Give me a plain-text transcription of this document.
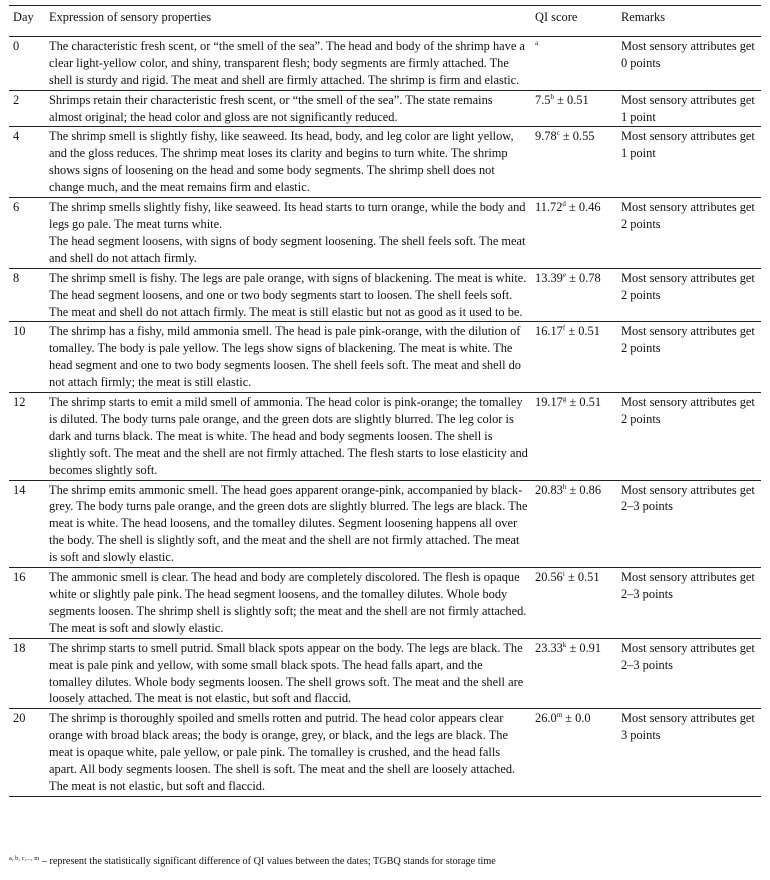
Day	Expression of sensory properties	QI score	Remarks
0	The characteristic fresh scent, or “the smell of the sea”. The head and body of the shrimp have a clear light-yellow color, and shiny, transparent flesh; body segments are firmly attached. The shell is sturdy and rigid. The meat and shell are firmly attached. The shrimp is firm and elastic.	$^a$	Most sensory attributes get 0 points
2	Shrimps retain their characteristic fresh scent, or “the smell of the sea”. The state remains almost original; the head color and gloss are not significantly reduced.	7.5$^b$ ± 0.51	Most sensory attributes get 1 point
4	The shrimp smell is slightly fishy, like seaweed. Its head, body, and leg color are light yellow, and the gloss reduces. The shrimp meat loses its clarity and begins to turn white. The shrimp shows signs of loosening on the head and some body segments. The shrimp shell does not change much, and the meat remains firm and elastic.	9.78$^c$ ± 0.55	Most sensory attributes get 1 point
6	The shrimp smells slightly fishy, like seaweed. Its head starts to turn orange, while the body and legs go pale. The meat turns white.
The head segment loosens, with signs of body segment loosening. The shell feels soft. The meat and shell do not attach firmly.	11.72$^d$ ± 0.46	Most sensory attributes get 2 points
8	The shrimp smell is fishy. The legs are pale orange, with signs of blackening. The meat is white. The head segment loosens, and one or two body segments start to loosen. The shell feels soft. The meat and shell do not attach firmly. The meat is still elastic but not as good as it used to be.	13.39$^e$ ± 0.78	Most sensory attributes get 2 points
10	The shrimp has a fishy, mild ammonia smell. The head is pale pink-orange, with the dilution of tomalley. The body is pale yellow. The legs show signs of blackening. The meat is white. The head segment and one to two body segments loosen. The shell feels soft. The meat and shell do not attach firmly; the meat is still elastic.	16.17$^f$ ± 0.51	Most sensory attributes get 2 points
12	The shrimp starts to emit a mild smell of ammonia. The head color is pink-orange; the tomalley is diluted. The body turns pale orange, and the green dots are slightly blurred. The leg color is dark and turns black. The meat is white. The head and body segments loosen. The shell is slightly soft. The meat and the shell are not firmly attached. The flesh starts to lose elasticity and becomes slightly soft.	19.17$^g$ ± 0.51	Most sensory attributes get 2 points
14	The shrimp emits ammonic smell. The head goes apparent orange-pink, accompanied by black-grey. The body turns pale orange, and the green dots are slightly blurred. The legs are black. The meat is white. The head loosens, and the tomalley dilutes. Segment loosening happens all over the body. The shell is slightly soft, and the meat and the shell are not firmly attached. The meat is soft and slowly elastic.	20.83$^h$ ± 0.86	Most sensory attributes get 2–3 points
16	The ammonic smell is clear. The head and body are completely discolored. The flesh is opaque white or slightly pale pink. The head segment loosens, and the tomalley dilutes. Whole body segments loosen. The shrimp shell is slightly soft; the meat and the shell are not firmly attached. The meat is soft and slowly elastic.	$20.56^i \pm 0.51$	Most sensory attributes get 2–3 points
18	The shrimp starts to smell putrid. Small black spots appear on the body. The legs are black. The meat is pale pink and yellow, with some small black spots. The head falls apart, and the tomalley dilutes. Whole body segments loosen. The shell grows soft. The meat and the shell are loosely attached. The meat is not elastic, but soft and flaccid.	$23.33^k \pm 0.91$	Most sensory attributes get 2–3 points
20	The shrimp is thoroughly spoiled and smells rotten and putrid. The head color appears clear orange with broad black areas; the body is orange, grey, or black, and the legs are black. The meat is opaque white, pale yellow, or pale pink. The tomalley is crushed, and the head falls apart. All body segments loosen. The shell is soft. The meat and the shell are loosely attached. The meat is not elastic, but soft and flaccid.	$26.0^m \pm 0.0$	Most sensory attributes get 3 points
$^{a, b, c,..., m}$ – represent the statistically significant difference of QI values between the dates; TGBQ stands for storage time
